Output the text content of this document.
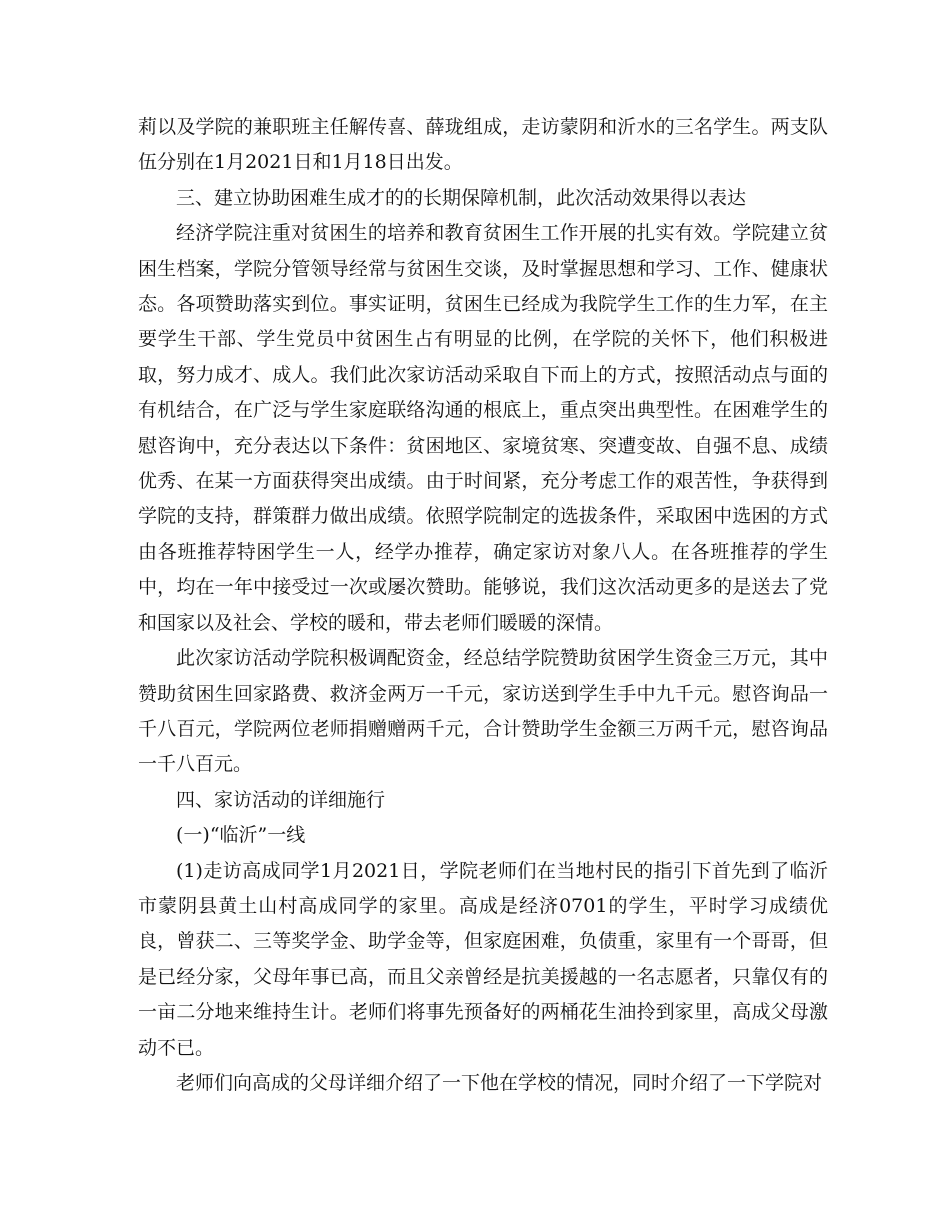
莉以及学院的兼职班主任解传喜、薛珑组成，走访蒙阴和沂水的三名学生。两支队伍分别在1月2021日和1月18日出发。

三、建立协助困难生成才的的长期保障机制，此次活动效果得以表达

经济学院注重对贫困生的培养和教育贫困生工作开展的扎实有效。学院建立贫困生档案，学院分管领导经常与贫困生交谈，及时掌握思想和学习、工作、健康状态。各项赞助落实到位。事实证明，贫困生已经成为我院学生工作的生力军，在主要学生干部、学生党员中贫困生占有明显的比例，在学院的关怀下，他们积极进取，努力成才、成人。我们此次家访活动采取自下而上的方式，按照活动点与面的有机结合，在广泛与学生家庭联络沟通的根底上，重点突出典型性。在困难学生的慰咨询中，充分表达以下条件：贫困地区、家境贫寒、突遭变故、自强不息、成绩优秀、在某一方面获得突出成绩。由于时间紧，充分考虑工作的艰苦性，争获得到学院的支持，群策群力做出成绩。依照学院制定的选拔条件，采取困中选困的方式由各班推荐特困学生一人，经学办推荐，确定家访对象八人。在各班推荐的学生中，均在一年中接受过一次或屡次赞助。能够说，我们这次活动更多的是送去了党和国家以及社会、学校的暖和，带去老师们暖暖的深情。

此次家访活动学院积极调配资金，经总结学院赞助贫困学生资金三万元，其中赞助贫困生回家路费、救济金两万一千元，家访送到学生手中九千元。慰咨询品一千八百元，学院两位老师捐赠赠两千元，合计赞助学生金额三万两千元，慰咨询品一千八百元。

四、家访活动的详细施行

(一)“临沂”一线

(1)走访高成同学1月2021日，学院老师们在当地村民的指引下首先到了临沂市蒙阴县黄土山村高成同学的家里。高成是经济0701的学生，平时学习成绩优良，曾获二、三等奖学金、助学金等，但家庭困难，负债重，家里有一个哥哥，但是已经分家，父母年事已高，而且父亲曾经是抗美援越的一名志愿者，只靠仅有的一亩二分地来维持生计。老师们将事先预备好的两桶花生油拎到家里，高成父母激动不已。

老师们向高成的父母详细介绍了一下他在学校的情况，同时介绍了一下学院对
